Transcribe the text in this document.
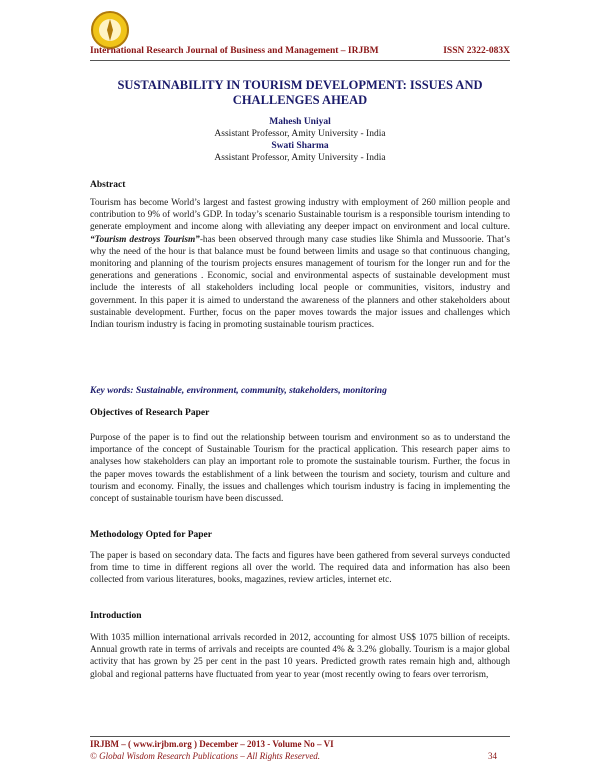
International Research Journal of Business and Management – IRJBM	ISSN 2322-083X
SUSTAINABILITY IN TOURISM DEVELOPMENT: ISSUES AND
CHALLENGES AHEAD
Mahesh Uniyal
Assistant Professor, Amity University - India
Swati Sharma
Assistant Professor, Amity University - India
Abstract
Tourism has become World’s largest and fastest growing industry with employment of 260 million people and contribution to 9% of world’s GDP. In today’s scenario Sustainable tourism is a responsible tourism intending to generate employment and income along with alleviating any deeper impact on environment and local culture. “Tourism destroys Tourism”-has been observed through many case studies like Shimla and Mussoorie. That’s why the need of the hour is that balance must be found between limits and usage so that continuous changing, monitoring and planning of the tourism projects ensures management of tourism for the longer run and for the generations and generations . Economic, social and environmental aspects of sustainable development must include the interests of all stakeholders including local people or communities, visitors, industry and government. In this paper it is aimed to understand the awareness of the planners and other stakeholders about sustainable development. Further, focus on the paper moves towards the major issues and challenges which Indian tourism industry is facing in promoting sustainable tourism practices.
Key words: Sustainable, environment, community, stakeholders, monitoring
Objectives of Research Paper
Purpose of the paper is to find out the relationship between tourism and environment so as to understand the importance of the concept of Sustainable Tourism for the practical application. This research paper aims to analyses how stakeholders can play an important role to promote the sustainable tourism. Further, the focus in the paper moves towards the establishment of a link between the tourism and society, tourism and culture and tourism and economy. Finally, the issues and challenges which tourism industry is facing in implementing the concept of sustainable tourism have been discussed.
Methodology Opted for Paper
The paper is based on secondary data. The facts and figures have been gathered from several surveys conducted from time to time in different regions all over the world. The required data and information has also been collected from various literatures, books, magazines, review articles, internet etc.
Introduction
With 1035 million international arrivals recorded in 2012, accounting for almost US$ 1075 billion of receipts. Annual growth rate in terms of arrivals and receipts are counted 4% & 3.2% globally. Tourism is a major global activity that has grown by 25 per cent in the past 10 years. Predicted growth rates remain high and, although global and regional patterns have fluctuated from year to year (most recently owing to fears over terrorism,
IRJBM – ( www.irjbm.org ) December – 2013 - Volume No – VI
© Global Wisdom Research Publications – All Rights Reserved.	34
